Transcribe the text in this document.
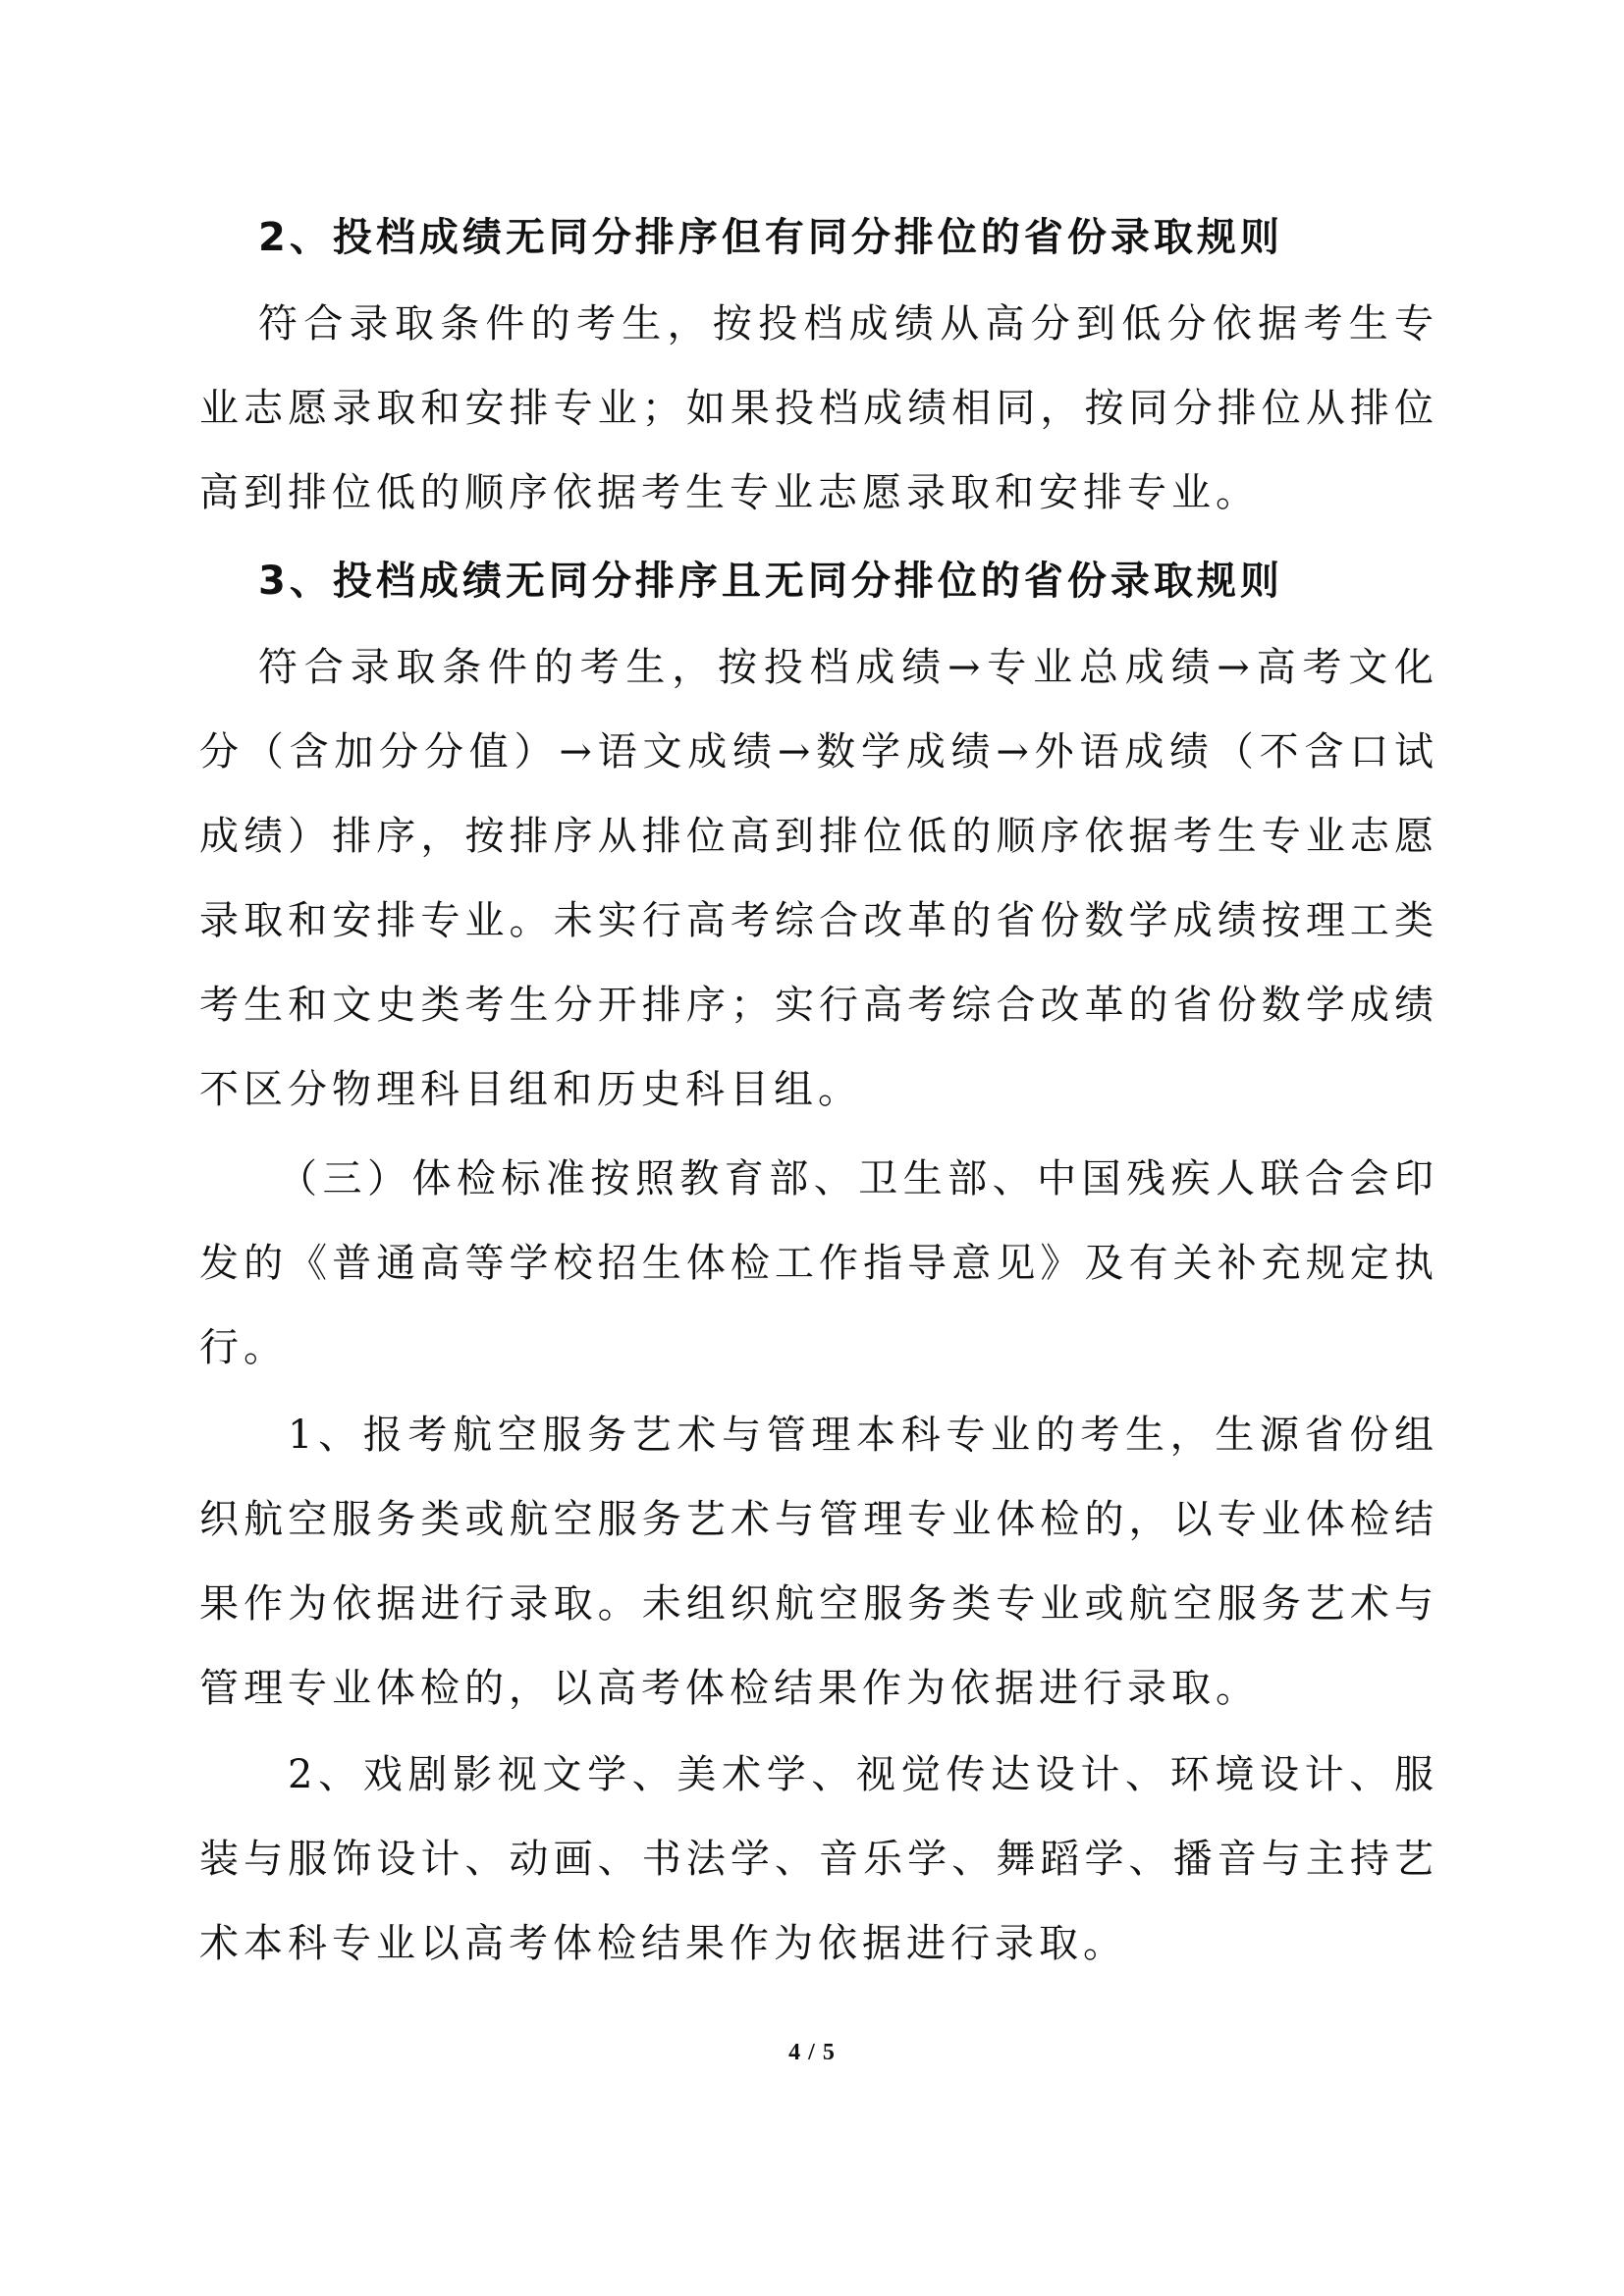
2、投档成绩无同分排序但有同分排位的省份录取规则

符合录取条件的考生，按投档成绩从高分到低分依据考生专业志愿录取和安排专业；如果投档成绩相同，按同分排位从排位高到排位低的顺序依据考生专业志愿录取和安排专业。

3、投档成绩无同分排序且无同分排位的省份录取规则

符合录取条件的考生，按投档成绩→专业总成绩→高考文化分（含加分分值）→语文成绩→数学成绩→外语成绩（不含口试成绩）排序，按排序从排位高到排位低的顺序依据考生专业志愿录取和安排专业。未实行高考综合改革的省份数学成绩按理工类考生和文史类考生分开排序；实行高考综合改革的省份数学成绩不区分物理科目组和历史科目组。

（三）体检标准按照教育部、卫生部、中国残疾人联合会印发的《普通高等学校招生体检工作指导意见》及有关补充规定执行。

1、报考航空服务艺术与管理本科专业的考生，生源省份组织航空服务类或航空服务艺术与管理专业体检的，以专业体检结果作为依据进行录取。未组织航空服务类专业或航空服务艺术与管理专业体检的，以高考体检结果作为依据进行录取。

2、戏剧影视文学、美术学、视觉传达设计、环境设计、服装与服饰设计、动画、书法学、音乐学、舞蹈学、播音与主持艺术本科专业以高考体检结果作为依据进行录取。

4 / 5
